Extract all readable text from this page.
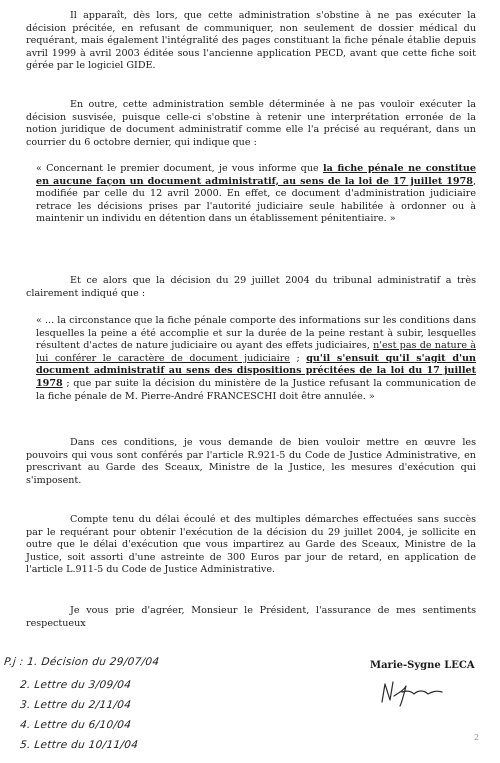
Il apparaît, dès lors, que cette administration s'obstine à ne pas exécuter la décision précitée, en refusant de communiquer, non seulement de dossier médical du requérant, mais également l'intégralité des pages constituant la fiche pénale établie depuis avril 1999 à avril 2003 éditée sous l'ancienne application PECD, avant que cette fiche soit gérée par le logiciel GIDE.

En outre, cette administration semble déterminée à ne pas vouloir exécuter la décision susvisée, puisque celle-ci s'obstine à retenir une interprétation erronée de la notion juridique de document administratif comme elle l'a précisé au requérant, dans un courrier du 6 octobre dernier, qui indique que :

« Concernant le premier document, je vous informe que la fiche pénale ne constitue en aucune façon un document administratif, au sens de la loi de 17 juillet 1978, modifiée par celle du 12 avril 2000. En effet, ce document d'administration judiciaire retrace les décisions prises par l'autorité judiciaire seule habilitée à ordonner ou à maintenir un individu en détention dans un établissement pénitentiaire. »

Et ce alors que la décision du 29 juillet 2004 du tribunal administratif a très clairement indiqué que :

« ... la circonstance que la fiche pénale comporte des informations sur les conditions dans lesquelles la peine a été accomplie et sur la durée de la peine restant à subir, lesquelles résultent d'actes de nature judiciaire ou ayant des effets judiciaires, n'est pas de nature à lui conférer le caractère de document judiciaire ; qu'il s'ensuit qu'il s'agit d'un document administratif au sens des dispositions précitées de la loi du 17 juillet 1978 ; que par suite la décision du ministère de la Justice refusant la communication de la fiche pénale de M. Pierre-André FRANCESCHI doit être annulée. »

Dans ces conditions, je vous demande de bien vouloir mettre en œuvre les pouvoirs qui vous sont conférés par l'article R.921-5 du Code de Justice Administrative, en prescrivant au Garde des Sceaux, Ministre de la Justice, les mesures d'exécution qui s'imposent.

Compte tenu du délai écoulé et des multiples démarches effectuées sans succès par le requérant pour obtenir l'exécution de la décision du 29 juillet 2004, je sollicite en outre que le délai d'exécution que vous impartirez au Garde des Sceaux, Ministre de la Justice, soit assorti d'une astreinte de 300 Euros par jour de retard, en application de l'article L.911-5 du Code de Justice Administrative.

Je vous prie d'agréer, Monsieur le Président, l'assurance de mes sentiments respectueux

P.j : 1. Décision du 29/07/04
2. Lettre du 3/09/04
3. Lettre du 2/11/04
4. Lettre du 6/10/04
5. Lettre du 10/11/04
Marie-Sygne LECA
2
